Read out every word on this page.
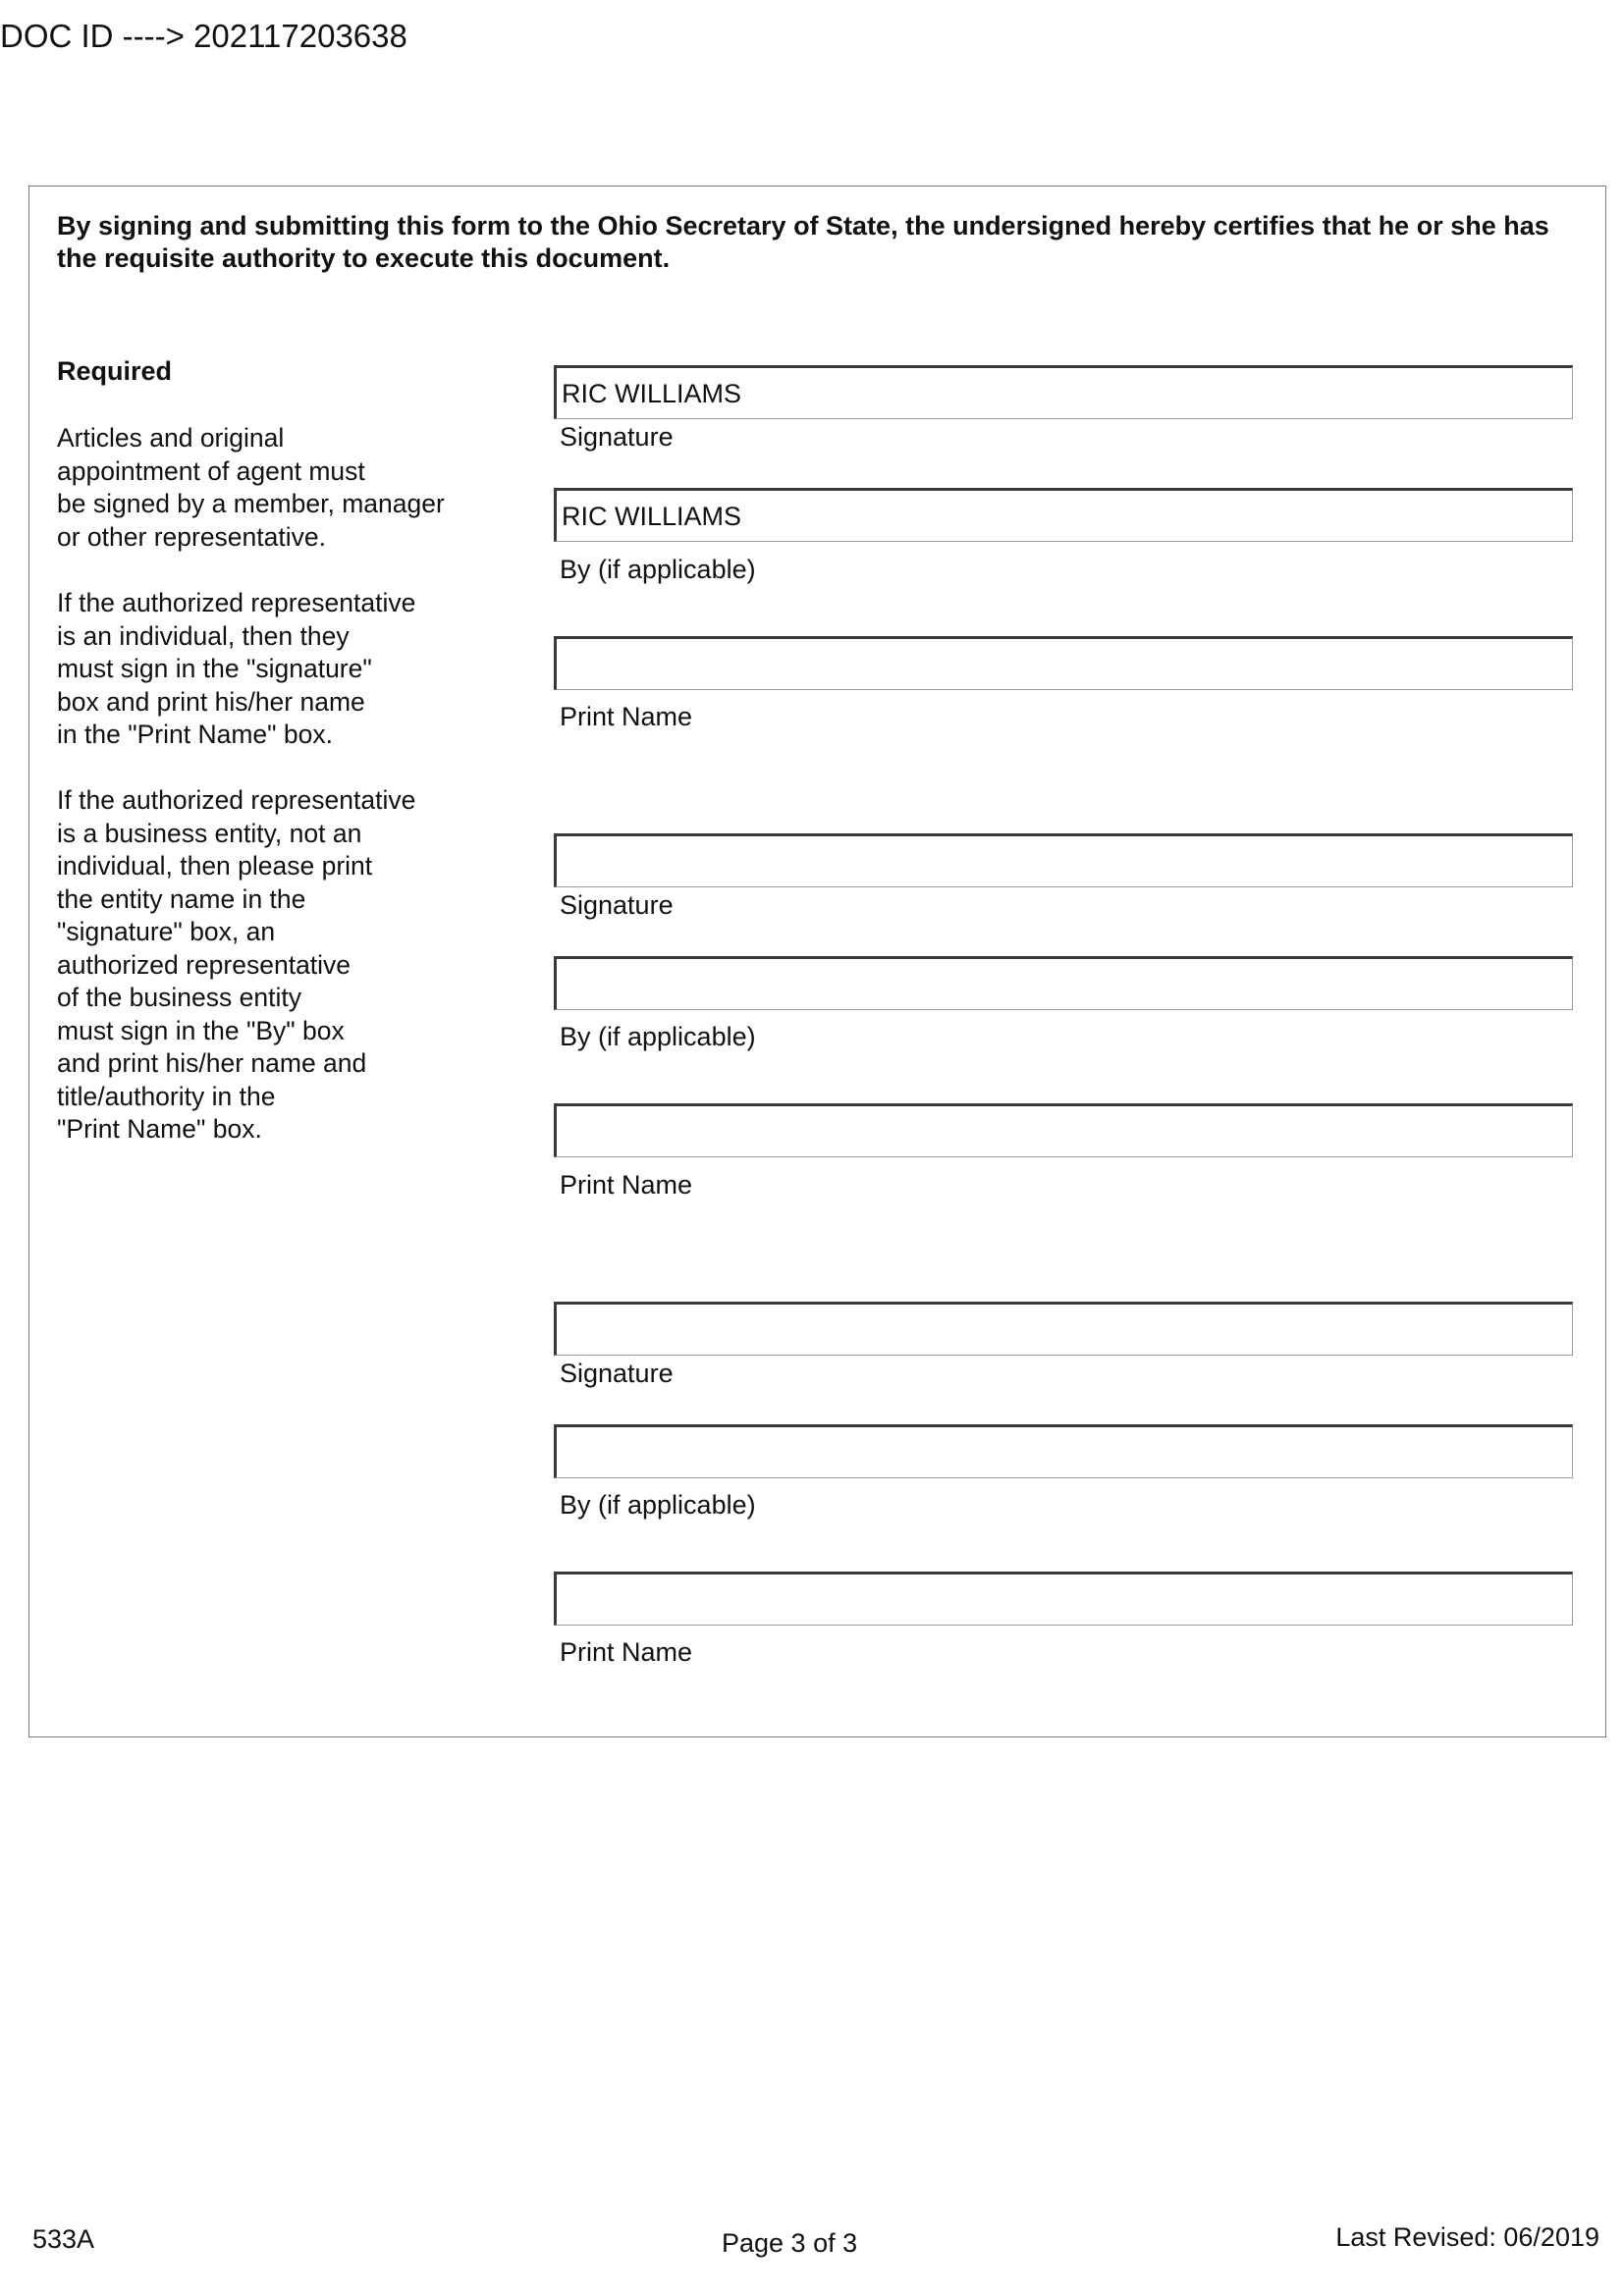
DOC ID ----> 202117203638
By signing and submitting this form to the Ohio Secretary of State, the undersigned hereby certifies that he or she has the requisite authority to execute this document.
Required
Articles and original
appointment of agent must
be signed by a member, manager
or other representative.
If the authorized representative
is an individual, then they
must sign in the "signature"
box and print his/her name
in the "Print Name" box.
If the authorized representative
is a business entity, not an
individual, then please print
the entity name in the
"signature" box, an
authorized representative
of the business entity
must sign in the "By" box
and print his/her name and
title/authority in the
"Print Name" box.
RIC WILLIAMS
Signature
RIC WILLIAMS
By (if applicable)
Print Name
Signature
By (if applicable)
Print Name
Signature
By (if applicable)
Print Name
533A	Page 3 of 3	Last Revised: 06/2019
